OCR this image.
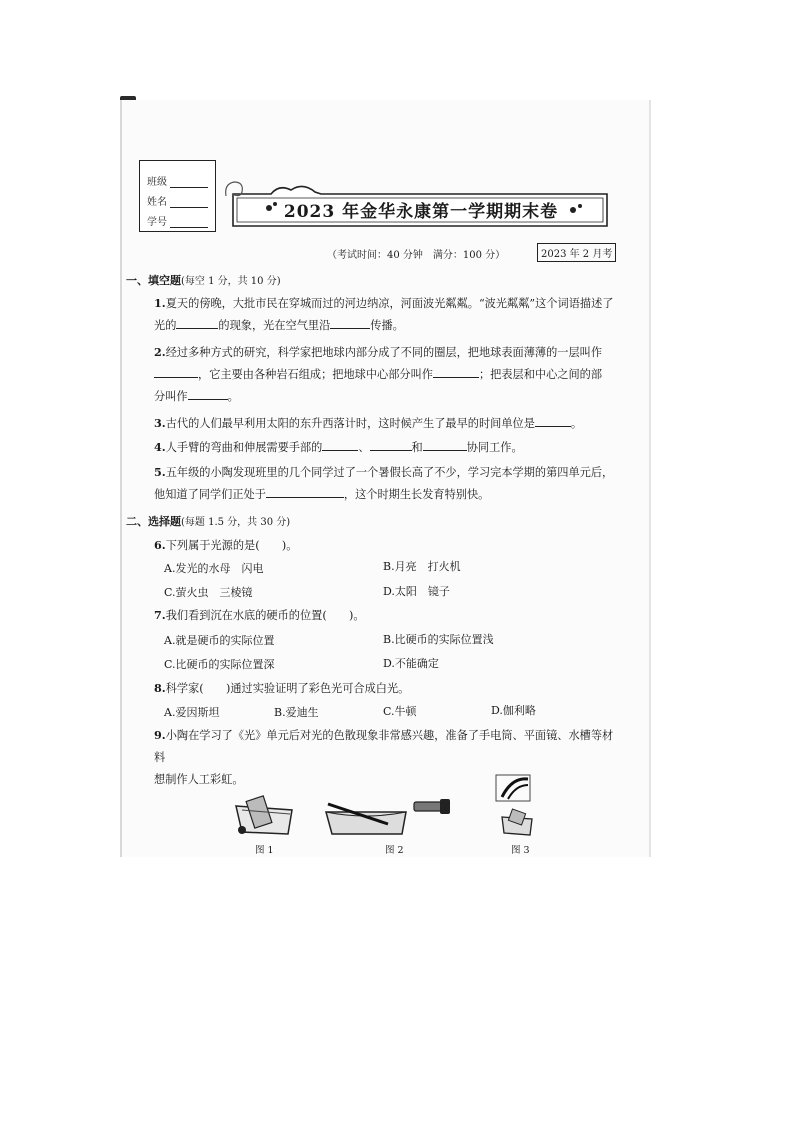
班级
姓名
学号
2023 年金华永康第一学期期末卷
（考试时间：40 分钟　满分：100 分）	2023 年 2 月考
一、填空题(每空 1 分，共 10 分)
1.夏天的傍晚，大批市民在穿城而过的河边纳凉，河面波光粼粼。“波光粼粼”这个词语描述了
光的	的现象，光在空气里沿	传播。
2.经过多种方式的研究，科学家把地球内部分成了不同的圈层，把地球表面薄薄的一层叫作
，它主要由各种岩石组成；把地球中心部分叫作	；把表层和中心之间的部
分叫作	。
3.古代的人们最早利用太阳的东升西落计时，这时候产生了最早的时间单位是	。
4.人手臂的弯曲和伸展需要手部的	、	和	协同工作。
5.五年级的小陶发现班里的几个同学过了一个暑假长高了不少，学习完本学期的第四单元后，
他知道了同学们正处于	，这个时期生长发育特别快。
二、选择题(每题 1.5 分，共 30 分)
6.下列属于光源的是(　　)。
A.发光的水母　闪电	B.月亮　打火机
C.萤火虫　三棱镜	D.太阳　镜子
7.我们看到沉在水底的硬币的位置(　　)。
A.就是硬币的实际位置	B.比硬币的实际位置浅
C.比硬币的实际位置深	D.不能确定
8.科学家(　　)通过实验证明了彩色光可合成白光。
A.爱因斯坦	B.爱迪生	C.牛顿	D.伽利略
9.小陶在学习了《光》单元后对光的色散现象非常感兴趣，准备了手电筒、平面镜、水槽等材料
想制作人工彩虹。
图 1	图 2	图 3
